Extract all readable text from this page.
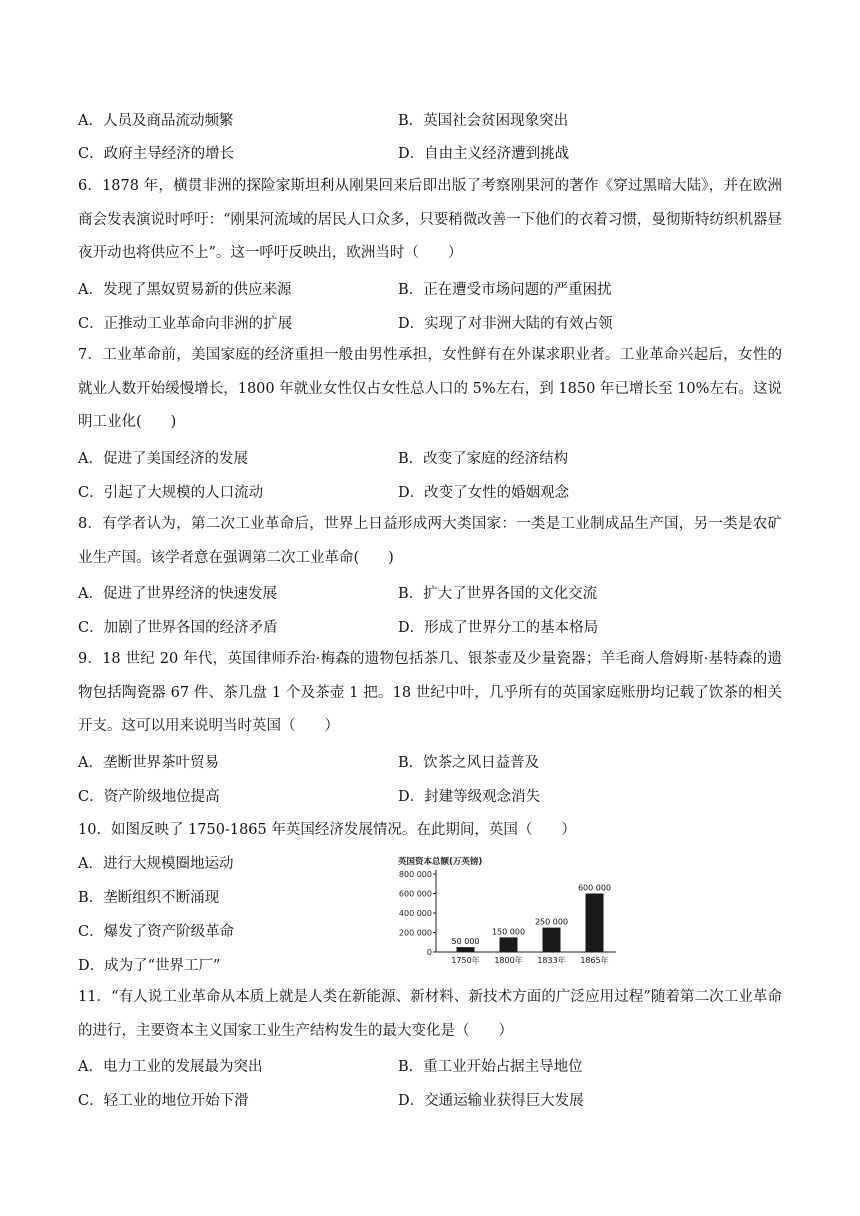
A．人员及商品流动频繁	B．英国社会贫困现象突出
C．政府主导经济的增长	D．自由主义经济遭到挑战

6．1878 年，横贯非洲的探险家斯坦利从刚果回来后即出版了考察刚果河的著作《穿过黑暗大陆》，并在欧洲商会发表演说时呼吁：“刚果河流域的居民人口众多，只要稍微改善一下他们的衣着习惯，曼彻斯特纺织机器昼夜开动也将供应不上”。这一呼吁反映出，欧洲当时（　　）

A．发现了黑奴贸易新的供应来源	B．正在遭受市场问题的严重困扰
C．正推动工业革命向非洲的扩展	D．实现了对非洲大陆的有效占领

7．工业革命前，美国家庭的经济重担一般由男性承担，女性鲜有在外谋求职业者。工业革命兴起后，女性的就业人数开始缓慢增长，1800 年就业女性仅占女性总人口的 5%左右，到 1850 年已增长至 10%左右。这说明工业化(　　)

A．促进了美国经济的发展	B．改变了家庭的经济结构
C．引起了大规模的人口流动	D．改变了女性的婚姻观念

8．有学者认为，第二次工业革命后，世界上日益形成两大类国家：一类是工业制成品生产国，另一类是农矿业生产国。该学者意在强调第二次工业革命(　　)

A．促进了世界经济的快速发展	B．扩大了世界各国的文化交流
C．加剧了世界各国的经济矛盾	D．形成了世界分工的基本格局

9．18 世纪 20 年代，英国律师乔治·梅森的遗物包括茶几、银茶壶及少量瓷器；羊毛商人詹姆斯·基特森的遗物包括陶瓷器 67 件、茶几盘 1 个及茶壶 1 把。18 世纪中叶，几乎所有的英国家庭账册均记载了饮茶的相关开支。这可以用来说明当时英国（　　）

A．垄断世界茶叶贸易	B．饮茶之风日益普及
C．资产阶级地位提高	D．封建等级观念消失
10．如图反映了 1750-1865 年英国经济发展情况。在此期间，英国（　　）
A．进行大规模圈地运动
B．垄断组织不断涌现
C．爆发了资产阶级革命
D．成为了“世界工厂”
英国资本总额(万英镑)
0
200 000
400 000
600 000
800 000
50 000
1750年
150 000
1800年
250 000
1833年
600 000
1865年

11．“有人说工业革命从本质上就是人类在新能源、新材料、新技术方面的广泛应用过程”随着第二次工业革命的进行，主要资本主义国家工业生产结构发生的最大变化是（　　）

A．电力工业的发展最为突出	B．重工业开始占据主导地位
C．轻工业的地位开始下滑	D．交通运输业获得巨大发展
